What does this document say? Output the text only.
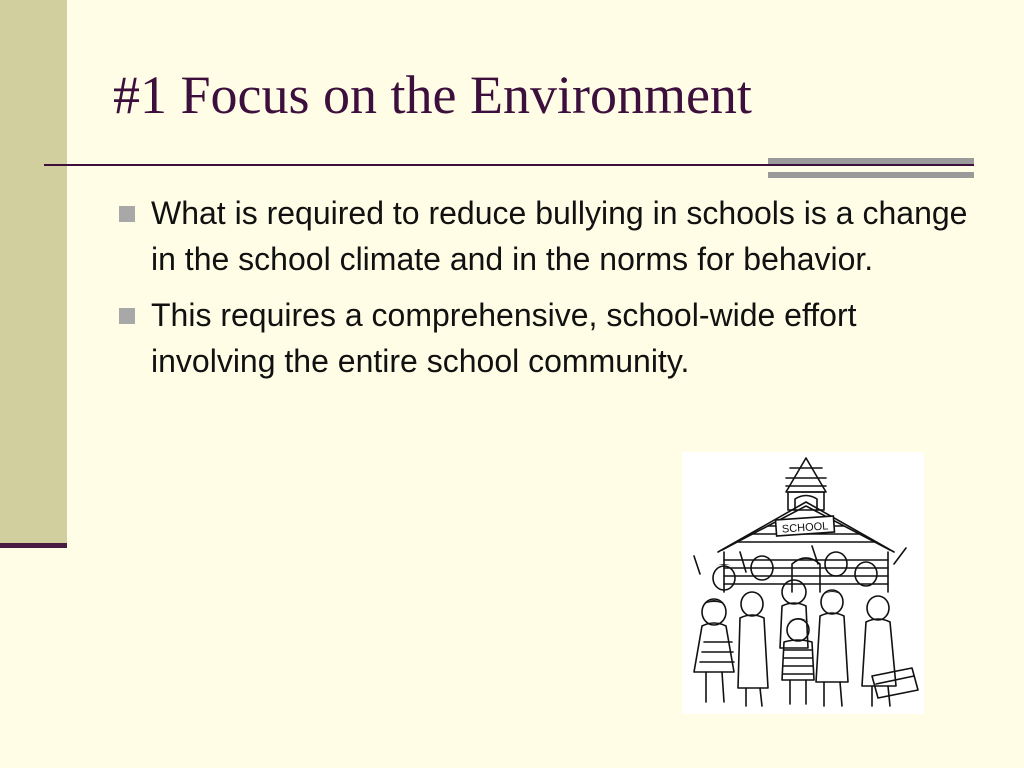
#1 Focus on the Environment
What is required to reduce bullying in schools is a change in the school climate and in the norms for behavior.
This requires a comprehensive, school-wide effort involving the entire school community.
SCHOOL
